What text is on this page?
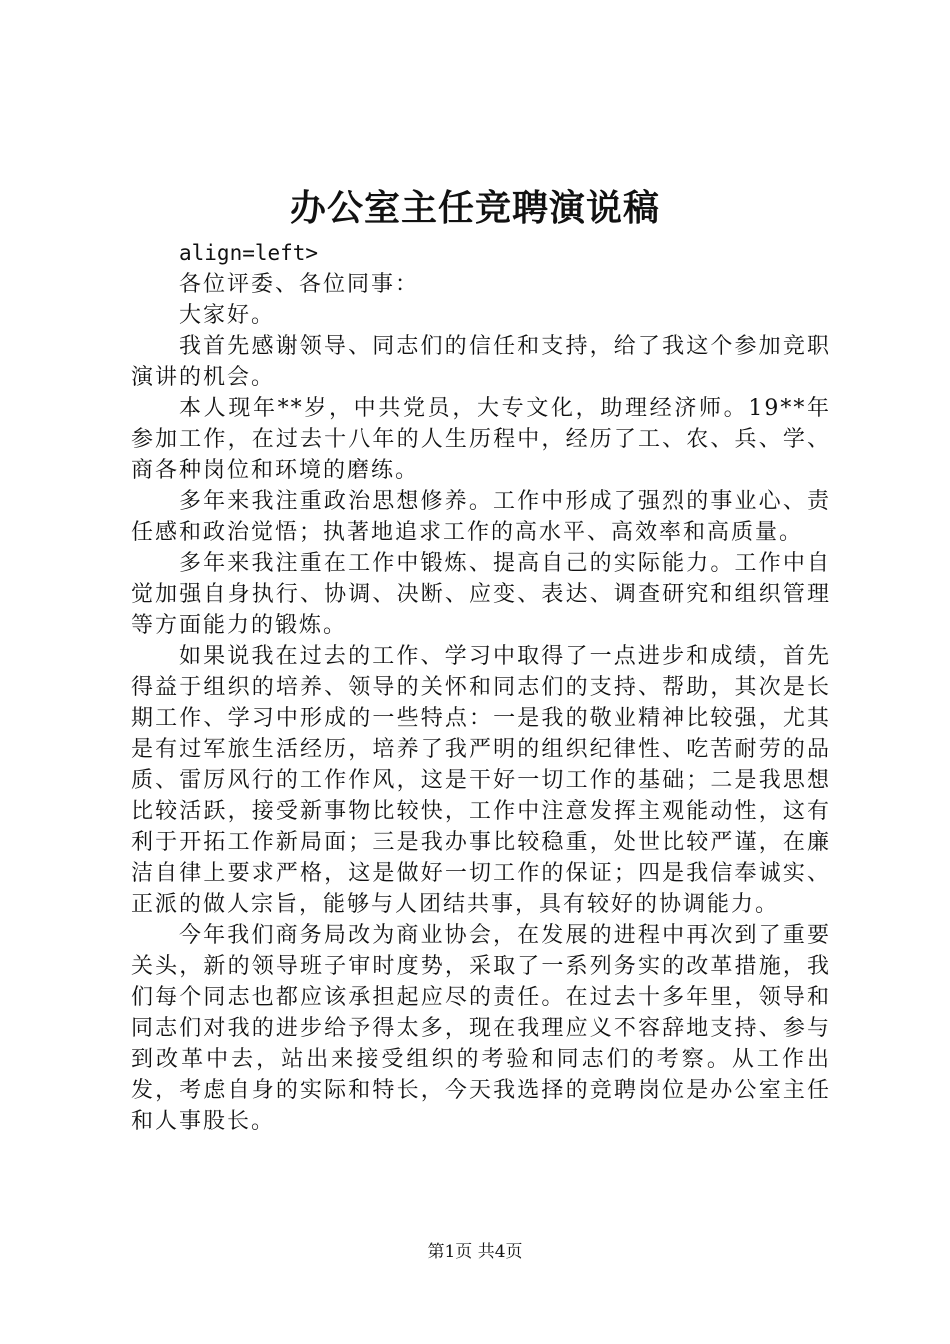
办公室主任竞聘演说稿

align=left>

各位评委、各位同事：

大家好。

我首先感谢领导、同志们的信任和支持，给了我这个参加竞职演讲的机会。

本人现年**岁，中共党员，大专文化，助理经济师。19**年参加工作，在过去十八年的人生历程中，经历了工、农、兵、学、商各种岗位和环境的磨练。

多年来我注重政治思想修养。工作中形成了强烈的事业心、责任感和政治觉悟；执著地追求工作的高水平、高效率和高质量。

多年来我注重在工作中锻炼、提高自己的实际能力。工作中自觉加强自身执行、协调、决断、应变、表达、调查研究和组织管理等方面能力的锻炼。

如果说我在过去的工作、学习中取得了一点进步和成绩，首先得益于组织的培养、领导的关怀和同志们的支持、帮助，其次是长期工作、学习中形成的一些特点：一是我的敬业精神比较强，尤其是有过军旅生活经历，培养了我严明的组织纪律性、吃苦耐劳的品质、雷厉风行的工作作风，这是干好一切工作的基础；二是我思想比较活跃，接受新事物比较快，工作中注意发挥主观能动性，这有利于开拓工作新局面；三是我办事比较稳重，处世比较严谨，在廉洁自律上要求严格，这是做好一切工作的保证；四是我信奉诚实、正派的做人宗旨，能够与人团结共事，具有较好的协调能力。

今年我们商务局改为商业协会，在发展的进程中再次到了重要关头，新的领导班子审时度势，采取了一系列务实的改革措施，我们每个同志也都应该承担起应尽的责任。在过去十多年里，领导和同志们对我的进步给予得太多，现在我理应义不容辞地支持、参与到改革中去，站出来接受组织的考验和同志们的考察。从工作出发，考虑自身的实际和特长，今天我选择的竞聘岗位是办公室主任和人事股长。

第1页 共4页
